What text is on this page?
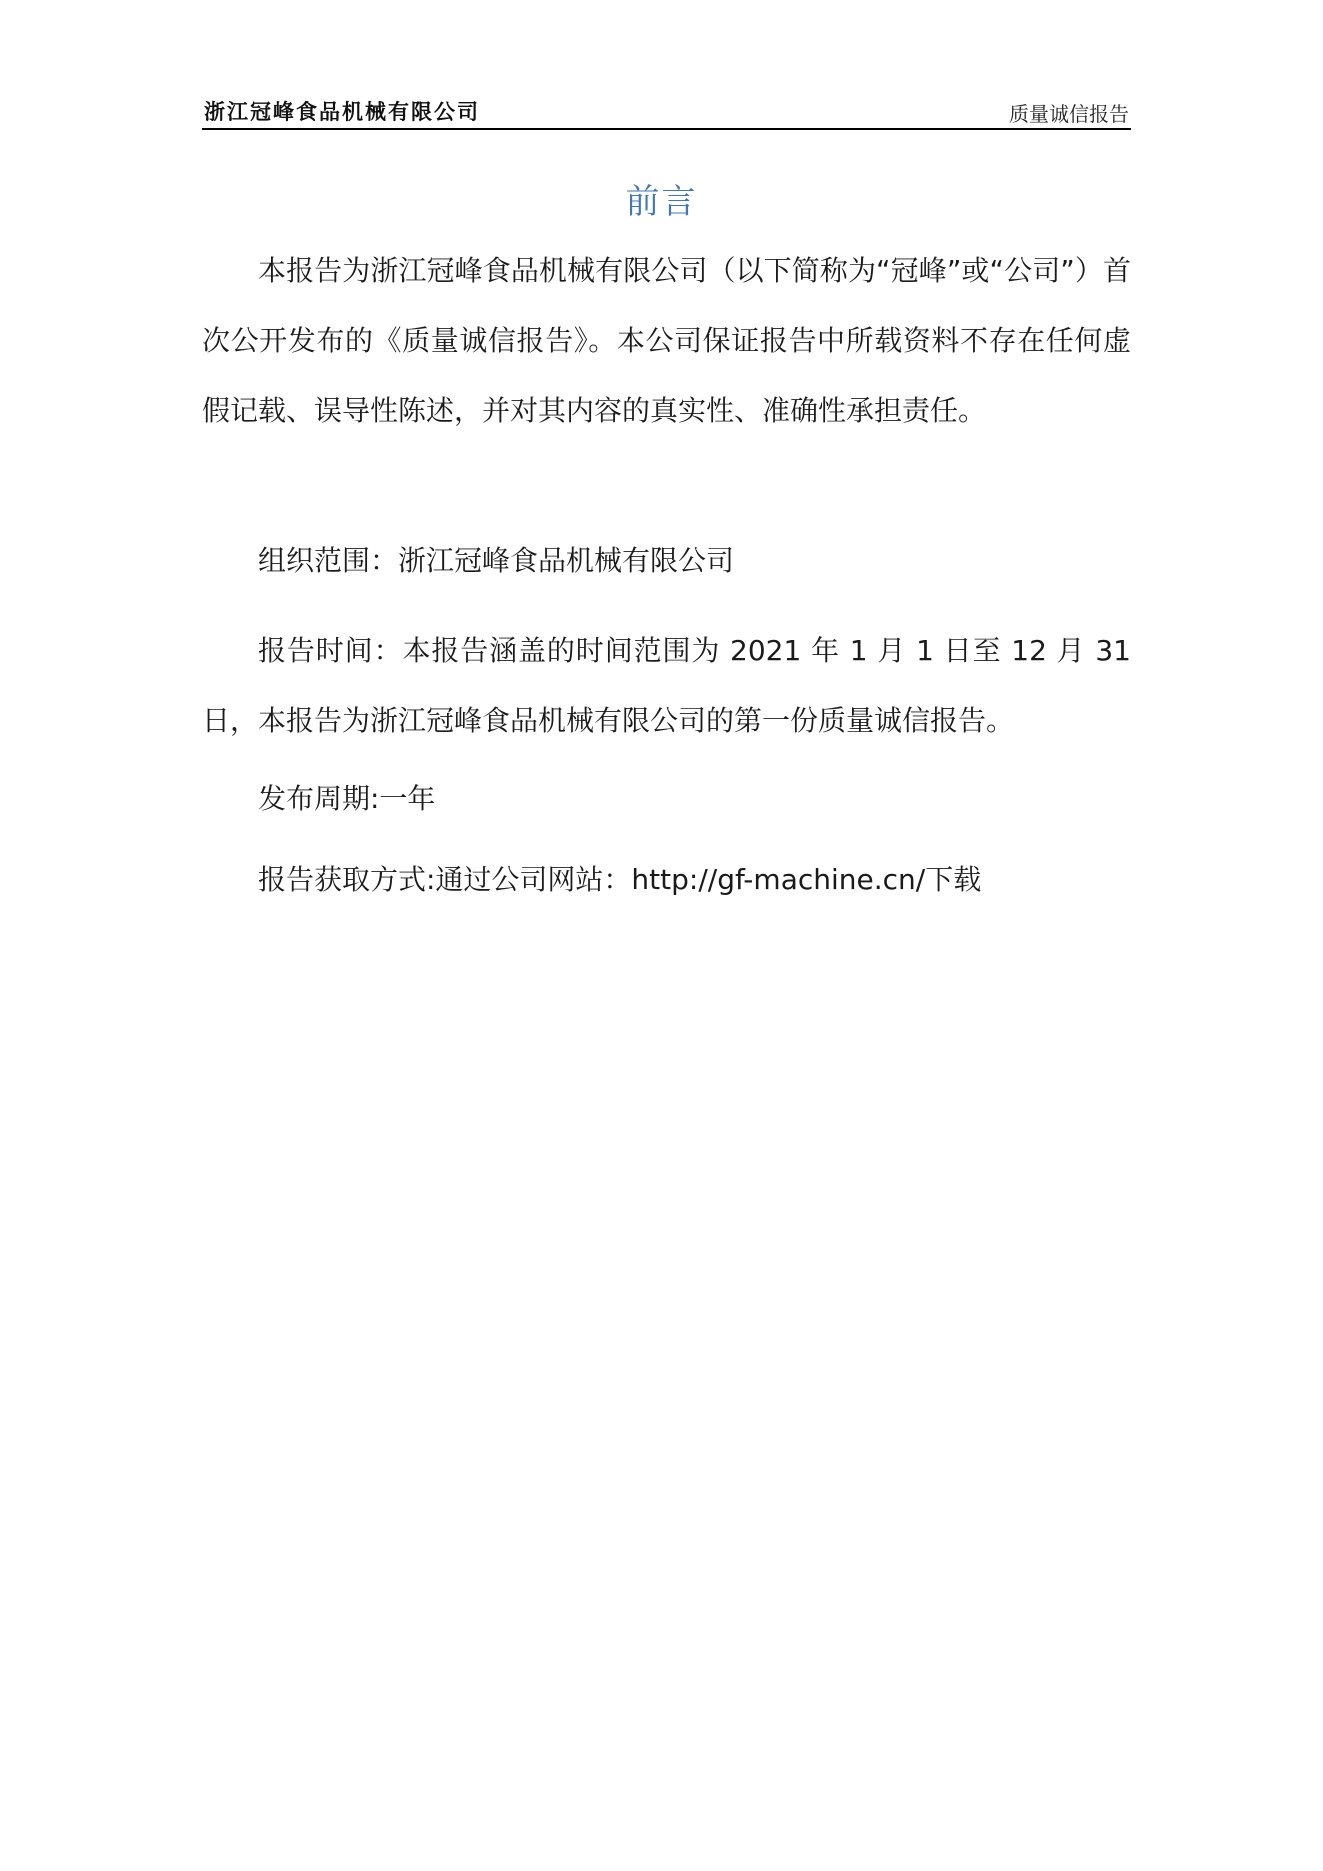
浙江冠峰食品机械有限公司	质量诚信报告
前言

本报告为浙江冠峰食品机械有限公司（以下简称为“冠峰”或“公司”）首次公开发布的《质量诚信报告》。本公司保证报告中所载资料不存在任何虚假记载、误导性陈述，并对其内容的真实性、准确性承担责任。

组织范围：浙江冠峰食品机械有限公司

报告时间：本报告涵盖的时间范围为 2021 年 1 月 1 日至 12 月 31 日，本报告为浙江冠峰食品机械有限公司的第一份质量诚信报告。

发布周期:一年

报告获取方式:通过公司网站：http://gf-machine.cn/下载
